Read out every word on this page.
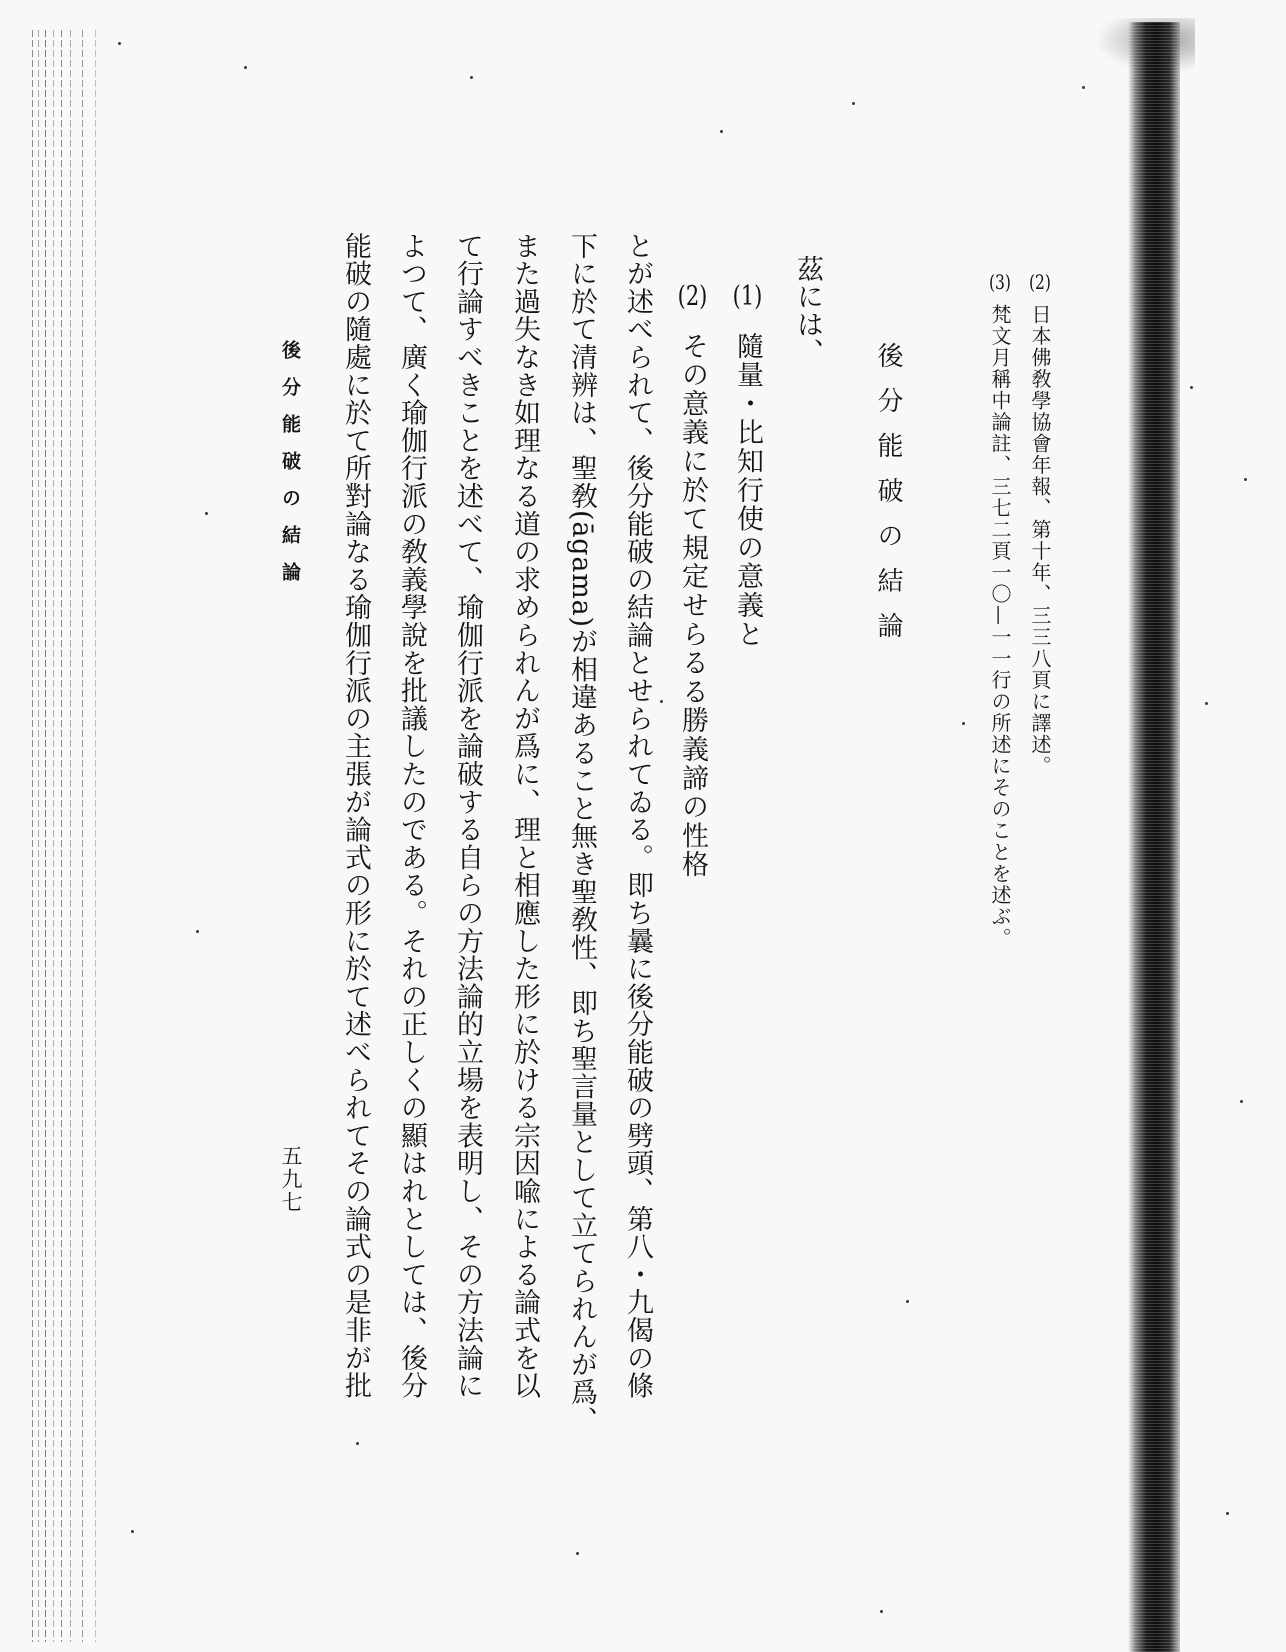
(2)日本佛敎學協會年報、第十年、三三八頁に譯述。
(3)梵文月稱中論註、三七二頁一〇—一一行の所述にそのことを述ぶ。
後分能破の結論
茲には、
(1)隨量・比知行使の意義と
(2)その意義に於て規定せらるる勝義諦の性格
とが述べられて、後分能破の結論とせられてゐる。即ち曩に後分能破の劈頭、第八・九偈の條
下に於て清辨は、聖敎(āgama)が相違あること無き聖敎性、即ち聖言量として立てられんが爲、
また過失なき如理なる道の求められんが爲に、理と相應した形に於ける宗因喩による論式を以
て行論すべきことを述べて、瑜伽行派を論破する自らの方法論的立場を表明し、その方法論に
よつて、廣く瑜伽行派の敎義學說を批議したのである。それの正しくの顯はれとしては、後分
能破の隨處に於て所對論なる瑜伽行派の主張が論式の形に於て述べられてその論式の是非が批
後分能破の結論
五九七
